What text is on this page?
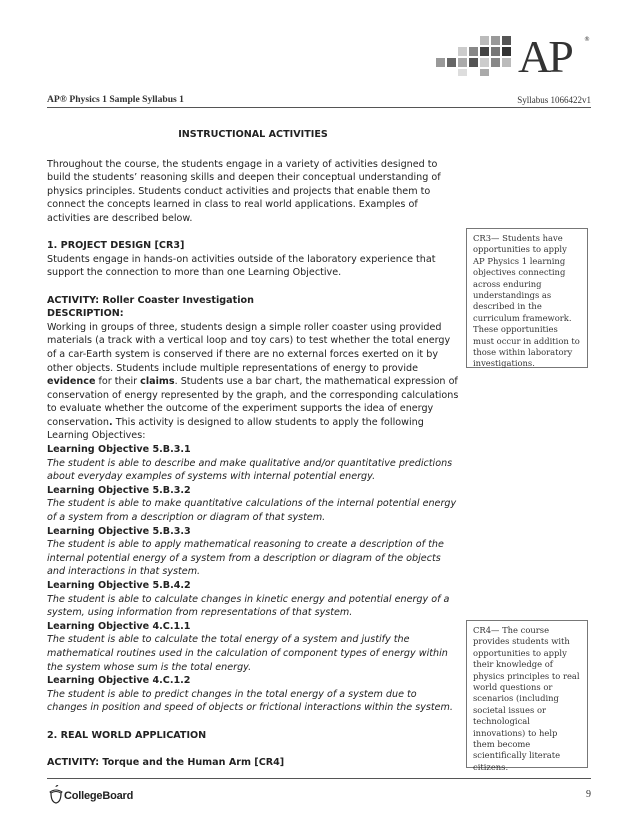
AP ®
AP® Physics 1 Sample Syllabus 1	Syllabus 1066422v1

INSTRUCTIONAL ACTIVITIES

Throughout the course, the students engage in a variety of activities designed to build the students’ reasoning skills and deepen their conceptual understanding of physics principles. Students conduct activities and projects that enable them to connect the concepts learned in class to real world applications. Examples of activities are described below.

1. PROJECT DESIGN [CR3]

Students engage in hands-on activities outside of the laboratory experience that support the connection to more than one Learning Objective.

ACTIVITY: Roller Coaster Investigation

DESCRIPTION:

Working in groups of three, students design a simple roller coaster using provided materials (a track with a vertical loop and toy cars) to test whether the total energy of a car-Earth system is conserved if there are no external forces exerted on it by other objects. Students include multiple representations of energy to provide evidence for their claims. Students use a bar chart, the mathematical expression of conservation of energy represented by the graph, and the corresponding calculations to evaluate whether the outcome of the experiment supports the idea of energy conservation. This activity is designed to allow students to apply the following Learning Objectives:

Learning Objective 5.B.3.1

The student is able to describe and make qualitative and/or quantitative predictions about everyday examples of systems with internal potential energy.

Learning Objective 5.B.3.2

The student is able to make quantitative calculations of the internal potential energy of a system from a description or diagram of that system.

Learning Objective 5.B.3.3

The student is able to apply mathematical reasoning to create a description of the internal potential energy of a system from a description or diagram of the objects and interactions in that system.

Learning Objective 5.B.4.2

The student is able to calculate changes in kinetic energy and potential energy of a system, using information from representations of that system.

Learning Objective 4.C.1.1

The student is able to calculate the total energy of a system and justify the mathematical routines used in the calculation of component types of energy within the system whose sum is the total energy.

Learning Objective 4.C.1.2

The student is able to predict changes in the total energy of a system due to changes in position and speed of objects or frictional interactions within the system.

2. REAL WORLD APPLICATION

ACTIVITY: Torque and the Human Arm [CR4]

CR3— Students have opportunities to apply AP Physics 1 learning objectives connecting across enduring understandings as described in the curriculum framework. These opportunities must occur in addition to those within laboratory investigations.
CR4— The course provides students with opportunities to apply their knowledge of physics principles to real world questions or scenarios (including societal issues or technological innovations) to help them become scientifically literate citizens.
CollegeBoard	9
